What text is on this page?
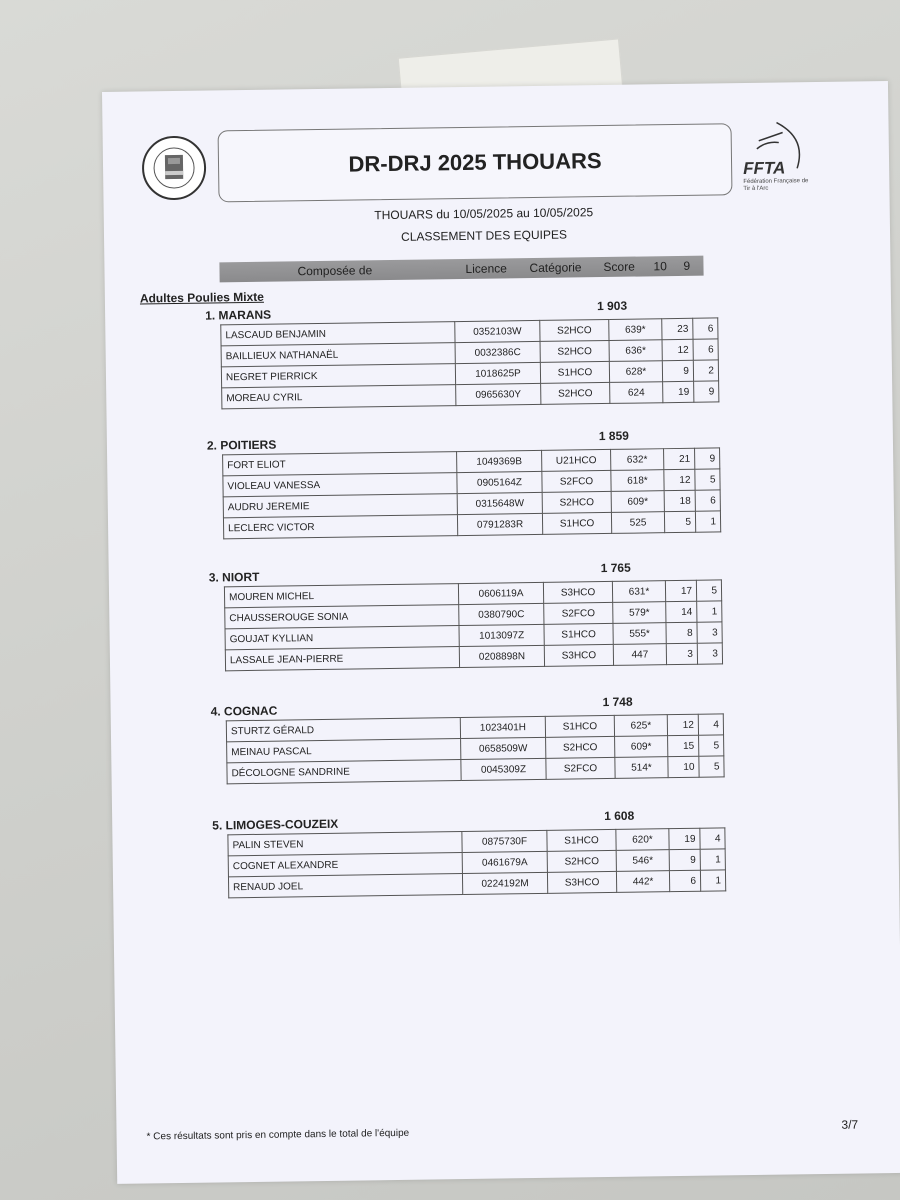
DR-DRJ 2025 THOUARS	FFTA
Fédération Française de Tir à l'Arc
THOUARS du 10/05/2025 au 10/05/2025
CLASSEMENT DES EQUIPES
Composée de	Licence Catégorie Score 10 9
Adultes Poulies Mixte
1. MARANS
1 903
LASCAUD BENJAMIN	0352103W	S2HCO	639*	23	6
BAILLIEUX NATHANAËL	0032386C	S2HCO	636*	12	6
NEGRET PIERRICK	1018625P	S1HCO	628*	9	2
MOREAU CYRIL	0965630Y	S2HCO	624	19	9
2. POITIERS
1 859
FORT ELIOT	1049369B	U21HCO	632*	21	9
VIOLEAU VANESSA	0905164Z	S2FCO	618*	12	5
AUDRU JEREMIE	0315648W	S2HCO	609*	18	6
LECLERC VICTOR	0791283R	S1HCO	525	5	1
3. NIORT
1 765
MOUREN MICHEL	0606119A	S3HCO	631*	17	5
CHAUSSEROUGE SONIA	0380790C	S2FCO	579*	14	1
GOUJAT KYLLIAN	1013097Z	S1HCO	555*	8	3
LASSALE JEAN-PIERRE	0208898N	S3HCO	447	3	3
4. COGNAC
1 748
STURTZ GÉRALD	1023401H	S1HCO	625*	12	4
MEINAU PASCAL	0658509W	S2HCO	609*	15	5
DÉCOLOGNE SANDRINE	0045309Z	S2FCO	514*	10	5
5. LIMOGES-COUZEIX
1 608
PALIN STEVEN	0875730F	S1HCO	620*	19	4
COGNET ALEXANDRE	0461679A	S2HCO	546*	9	1
RENAUD JOEL	0224192M	S3HCO	442*	6	1
* Ces résultats sont pris en compte dans le total de l'équipe
3/7
